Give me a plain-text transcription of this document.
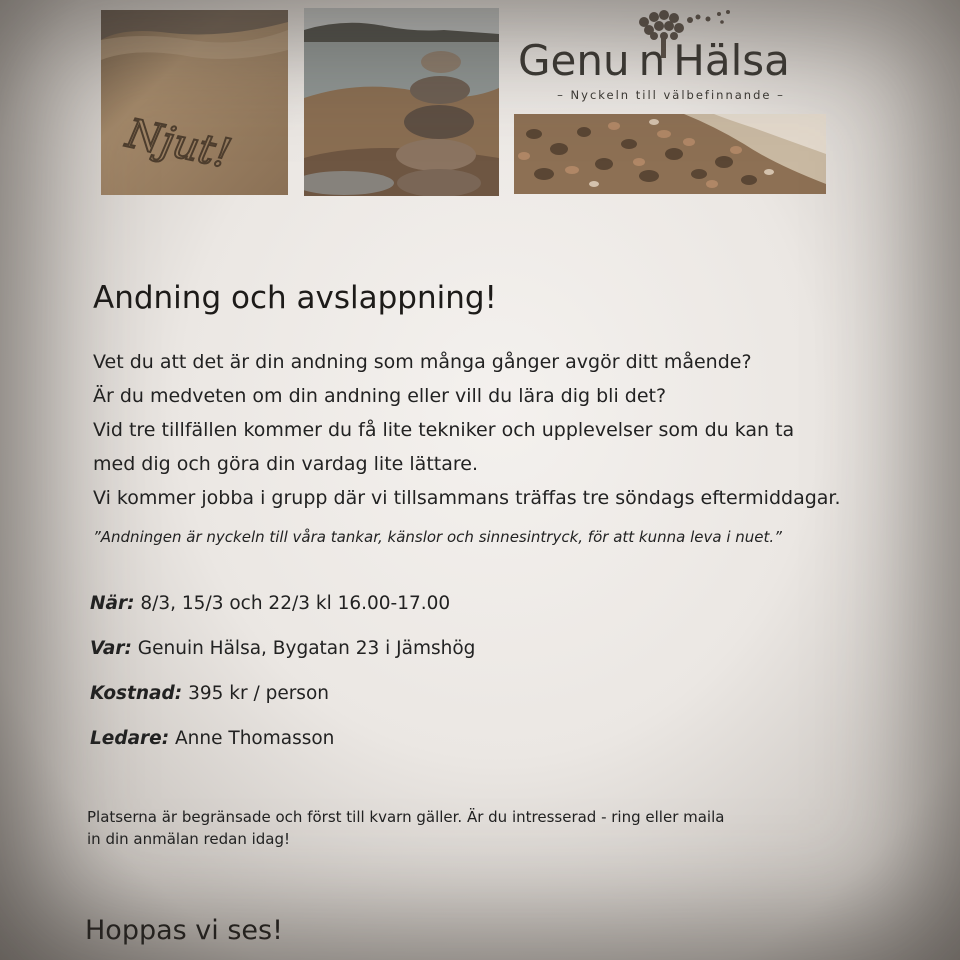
Njut!
Genu n Hälsa
– Nyckeln till välbefinnande –
Andning och avslappning!
Vet du att det är din andning som många gånger avgör ditt mående?
Är du medveten om din andning eller vill du lära dig bli det?
Vid tre tillfällen kommer du få lite tekniker och upplevelser som du kan ta
med dig och göra din vardag lite lättare.
Vi kommer jobba i grupp där vi tillsammans träffas tre söndags eftermiddagar.
”Andningen är nyckeln till våra tankar, känslor och sinnesintryck, för att kunna leva i nuet.”
När: 8/3, 15/3 och 22/3 kl 16.00-17.00
Var: Genuin Hälsa, Bygatan 23 i Jämshög
Kostnad: 395 kr / person
Ledare: Anne Thomasson
Platserna är begränsade och först till kvarn gäller. Är du intresserad - ring eller maila
in din anmälan redan idag!
Hoppas vi ses!
